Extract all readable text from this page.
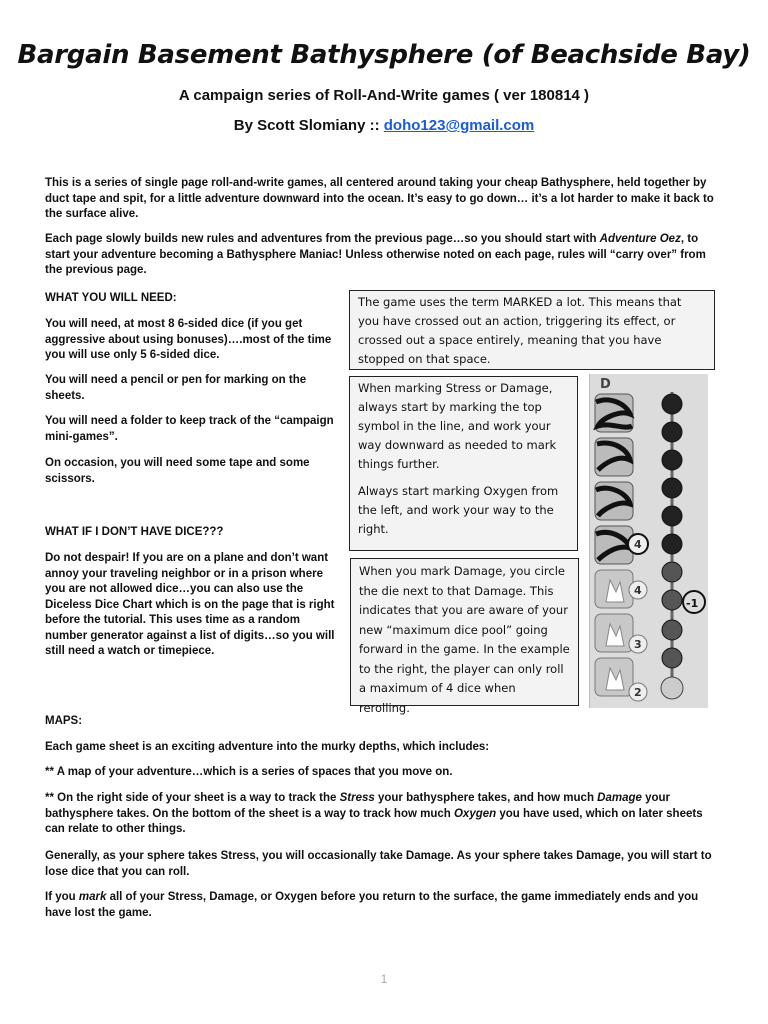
Bargain Basement Bathysphere (of Beachside Bay)
A campaign series of Roll-And-Write games ( ver 180814 )
By Scott Slomiany :: doho123@gmail.com

This is a series of single page roll-and-write games, all centered around taking your cheap Bathysphere, held together by duct tape and spit, for a little adventure downward into the ocean. It’s easy to go down… it’s a lot harder to make it back to the surface alive.

Each page slowly builds new rules and adventures from the previous page…so you should start with Adventure Oez, to start your adventure becoming a Bathysphere Maniac! Unless otherwise noted on each page, rules will “carry over” from the previous page.

WHAT YOU WILL NEED:

You will need, at most 8 6-sided dice (if you get aggressive about using bonuses)….most of the time you will use only 5 6-sided dice.

You will need a pencil or pen for marking on the sheets.

You will need a folder to keep track of the “campaign mini-games”.

On occasion, you will need some tape and some scissors.

WHAT IF I DON’T HAVE DICE???

Do not despair! If you are on a plane and don’t want annoy your traveling neighbor or in a prison where you are not allowed dice…you can also use the Diceless Dice Chart which is on the page that is right before the tutorial. This uses time as a random number generator against a list of digits…so you will still need a watch or timepiece.

The game uses the term MARKED a lot. This means that you have crossed out an action, triggering its effect, or crossed out a space entirely, meaning that you have stopped on that space.

When marking Stress or Damage, always start by marking the top symbol in the line, and work your way downward as needed to mark things further.

Always start marking Oxygen from the left, and work your way to the right.

When you mark Damage, you circle the die next to that Damage. This indicates that you are aware of your new “maximum dice pool” going forward in the game. In the example to the right, the player can only roll a maximum of 4 dice when rerolling.

D
4
4
3
2
-1

MAPS:

Each game sheet is an exciting adventure into the murky depths, which includes:

** A map of your adventure…which is a series of spaces that you move on.

** On the right side of your sheet is a way to track the Stress your bathysphere takes, and how much Damage your bathysphere takes. On the bottom of the sheet is a way to track how much Oxygen you have used, which on later sheets can relate to other things.

Generally, as your sphere takes Stress, you will occasionally take Damage. As your sphere takes Damage, you will start to lose dice that you can roll.

If you mark all of your Stress, Damage, or Oxygen before you return to the surface, the game immediately ends and you have lost the game.

1
